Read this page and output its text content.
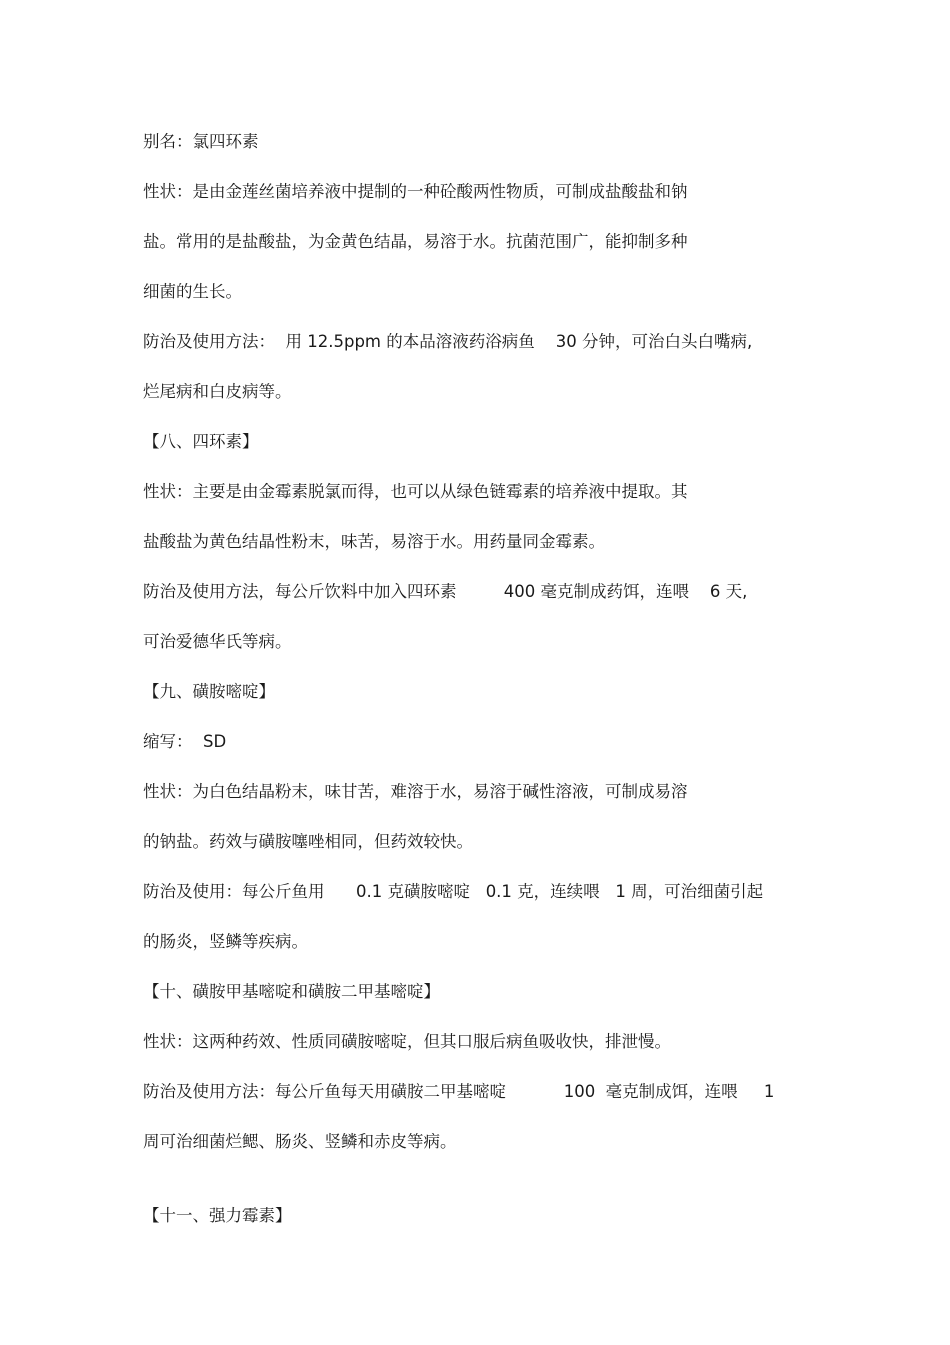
别名：氯四环素

性状：是由金莲丝菌培养液中提制的一种砼酸两性物质，可制成盐酸盐和钠

盐。常用的是盐酸盐，为金黄色结晶，易溶于水。抗菌范围广，能抑制多种

细菌的生长。

防治及使用方法：  用 12.5ppm 的本品溶液药浴病鱼    30 分钟，可治白头白嘴病,

烂尾病和白皮病等。

【八、四环素】

性状：主要是由金霉素脱氯而得，也可以从绿色链霉素的培养液中提取。其

盐酸盐为黄色结晶性粉末，味苦，易溶于水。用药量同金霉素。

防治及使用方法，每公斤饮料中加入四环素         400 毫克制成药饵，连喂    6 天,

可治爱德华氏等病。

【九、磺胺嘧啶】

缩写：  SD

性状：为白色结晶粉末，味甘苦，难溶于水，易溶于碱性溶液，可制成易溶

的钠盐。药效与磺胺噻唑相同，但药效较快。

防治及使用：每公斤鱼用      0.1 克磺胺嘧啶   0.1 克，连续喂   1 周，可治细菌引起

的肠炎，竖鳞等疾病。

【十、磺胺甲基嘧啶和磺胺二甲基嘧啶】

性状：这两种药效、性质同磺胺嘧啶，但其口服后病鱼吸收快，排泄慢。

防治及使用方法：每公斤鱼每天用磺胺二甲基嘧啶           100  毫克制成饵，连喂     1

周可治细菌烂鳃、肠炎、竖鳞和赤皮等病。

【十一、强力霉素】
